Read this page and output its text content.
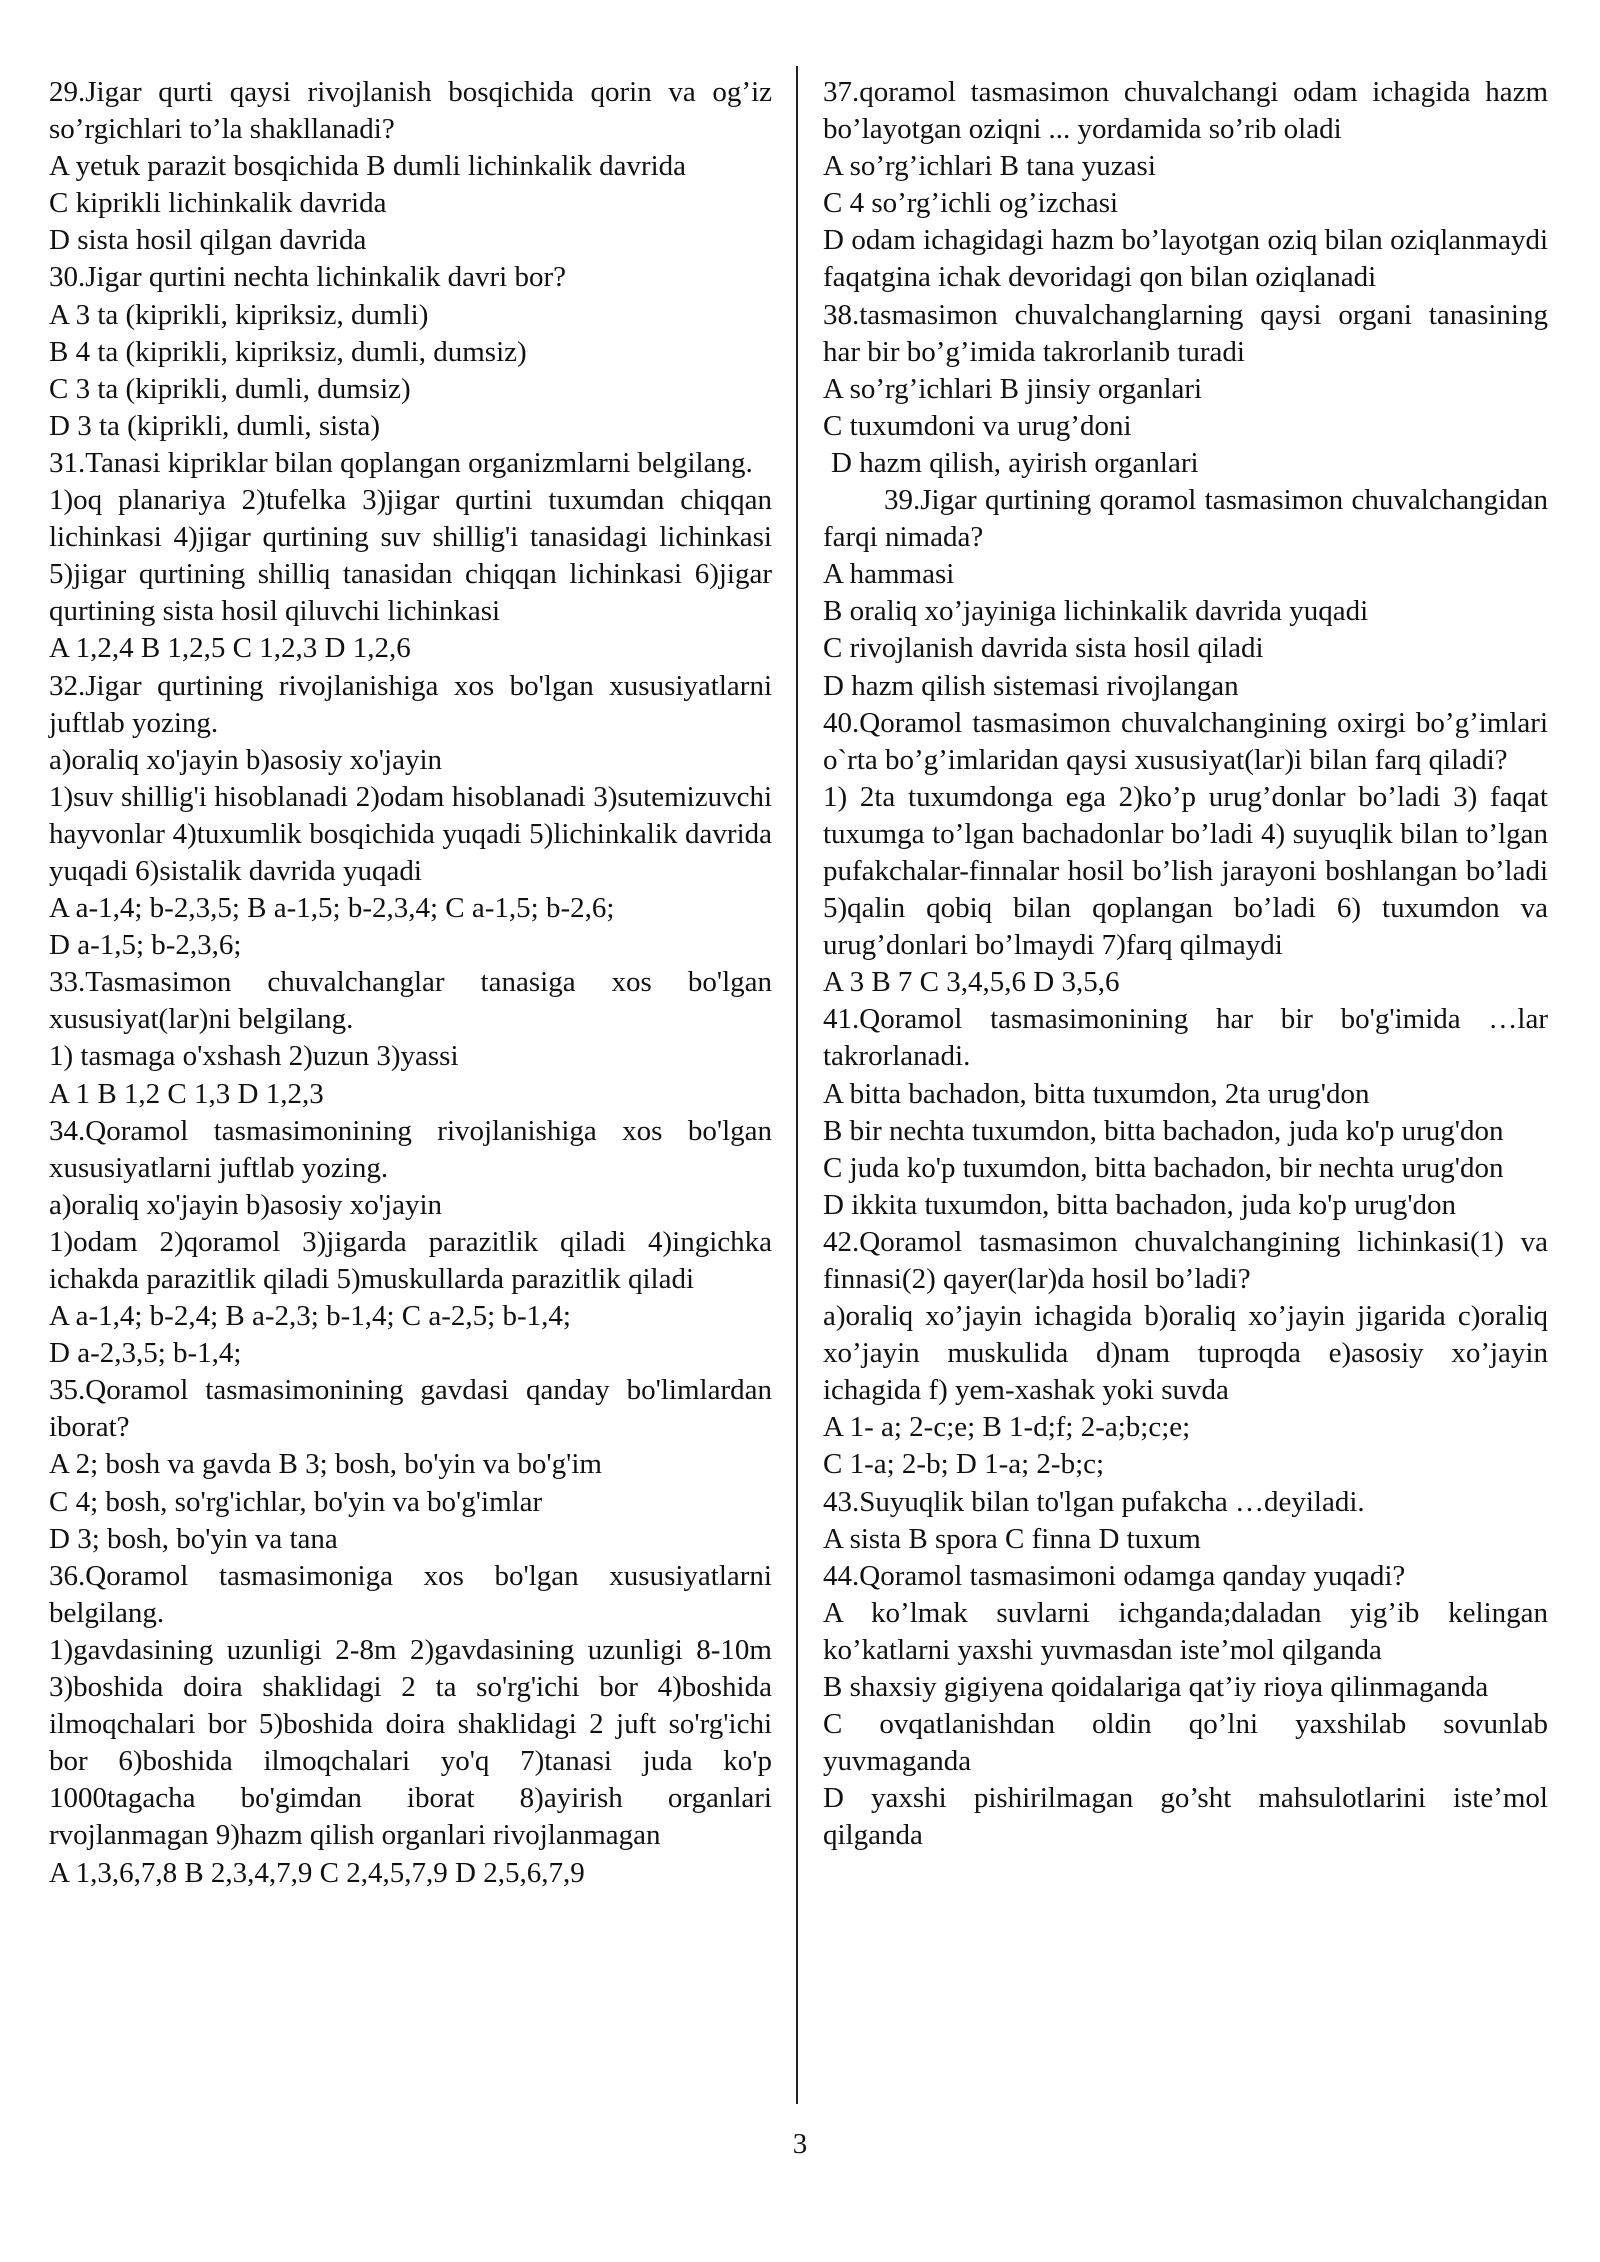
29.Jigar qurti qaysi rivojlanish bosqichida qorin va og’iz so’rgichlari to’la shakllanadi?

A yetuk parazit bosqichida B dumli lichinkalik davrida

C kiprikli lichinkalik davrida

D sista hosil qilgan davrida

30.Jigar qurtini nechta lichinkalik davri bor?

A 3 ta (kiprikli, kipriksiz, dumli)

B 4 ta (kiprikli, kipriksiz, dumli, dumsiz)

C 3 ta (kiprikli, dumli, dumsiz)

D 3 ta (kiprikli, dumli, sista)

31.Tanasi kipriklar bilan qoplangan organizmlarni belgilang.

1)oq planariya 2)tufelka 3)jigar qurtini tuxumdan chiqqan lichinkasi 4)jigar qurtining suv shillig'i tanasidagi lichinkasi 5)jigar qurtining shilliq tanasidan chiqqan lichinkasi 6)jigar qurtining sista hosil qiluvchi lichinkasi

A 1,2,4 B 1,2,5 C 1,2,3 D 1,2,6

32.Jigar qurtining rivojlanishiga xos bo'lgan xususiyatlarni juftlab yozing.

a)oraliq xo'jayin b)asosiy xo'jayin

1)suv shillig'i hisoblanadi 2)odam hisoblanadi 3)sutemizuvchi hayvonlar 4)tuxumlik bosqichida yuqadi 5)lichinkalik davrida yuqadi 6)sistalik davrida yuqadi

A a-1,4; b-2,3,5; B a-1,5; b-2,3,4; C a-1,5; b-2,6;

D a-1,5; b-2,3,6;

33.Tasmasimon chuvalchanglar tanasiga xos bo'lgan xususiyat(lar)ni belgilang.

1) tasmaga o'xshash 2)uzun 3)yassi

A 1 B 1,2 C 1,3 D 1,2,3

34.Qoramol tasmasimonining rivojlanishiga xos bo'lgan xususiyatlarni juftlab yozing.

a)oraliq xo'jayin b)asosiy xo'jayin

1)odam 2)qoramol 3)jigarda parazitlik qiladi 4)ingichka ichakda parazitlik qiladi 5)muskullarda parazitlik qiladi

A a-1,4; b-2,4; B a-2,3; b-1,4; C a-2,5; b-1,4;

D a-2,3,5; b-1,4;

35.Qoramol tasmasimonining gavdasi qanday bo'limlardan iborat?

A 2; bosh va gavda B 3; bosh, bo'yin va bo'g'im

C 4; bosh, so'rg'ichlar, bo'yin va bo'g'imlar

D 3; bosh, bo'yin va tana

36.Qoramol tasmasimoniga xos bo'lgan xususiyatlarni belgilang.

1)gavdasining uzunligi 2-8m 2)gavdasining uzunligi 8-10m 3)boshida doira shaklidagi 2 ta so'rg'ichi bor 4)boshida ilmoqchalari bor 5)boshida doira shaklidagi 2 juft so'rg'ichi bor 6)boshida ilmoqchalari yo'q 7)tanasi juda ko'p 1000tagacha bo'gimdan iborat 8)ayirish organlari rvojlanmagan 9)hazm qilish organlari rivojlanmagan

A 1,3,6,7,8 B 2,3,4,7,9 C 2,4,5,7,9 D 2,5,6,7,9

37.qoramol tasmasimon chuvalchangi odam ichagida hazm bo’layotgan oziqni ... yordamida so’rib oladi

A so’rg’ichlari B tana yuzasi

C 4 so’rg’ichli og’izchasi

D odam ichagidagi hazm bo’layotgan oziq bilan oziqlanmaydi faqatgina ichak devoridagi qon bilan oziqlanadi

38.tasmasimon chuvalchanglarning qaysi organi tanasining har bir bo’g’imida takrorlanib turadi

A so’rg’ichlari B jinsiy organlari

C tuxumdoni va urug’doni

D hazm qilish, ayirish organlari

39.Jigar qurtining qoramol tasmasimon chuvalchangidan farqi nimada?

A hammasi

B oraliq xo’jayiniga lichinkalik davrida yuqadi

C rivojlanish davrida sista hosil qiladi

D hazm qilish sistemasi rivojlangan

40.Qoramol tasmasimon chuvalchangining oxirgi bo’g’imlari o`rta bo’g’imlaridan qaysi xususiyat(lar)i bilan farq qiladi?

1) 2ta tuxumdonga ega 2)ko’p urug’donlar bo’ladi 3) faqat tuxumga to’lgan bachadonlar bo’ladi 4) suyuqlik bilan to’lgan pufakchalar-finnalar hosil bo’lish jarayoni boshlangan bo’ladi 5)qalin qobiq bilan qoplangan bo’ladi 6) tuxumdon va urug’donlari bo’lmaydi 7)farq qilmaydi

A 3 B 7 C 3,4,5,6 D 3,5,6

41.Qoramol tasmasimonining har bir bo'g'imida …lar takrorlanadi.

A bitta bachadon, bitta tuxumdon, 2ta urug'don

B bir nechta tuxumdon, bitta bachadon, juda ko'p urug'don

C juda ko'p tuxumdon, bitta bachadon, bir nechta urug'don

D ikkita tuxumdon, bitta bachadon, juda ko'p urug'don

42.Qoramol tasmasimon chuvalchangining lichinkasi(1) va finnasi(2) qayer(lar)da hosil bo’ladi?

a)oraliq xo’jayin ichagida b)oraliq xo’jayin jigarida c)oraliq xo’jayin muskulida d)nam tuproqda e)asosiy xo’jayin ichagida f) yem-xashak yoki suvda

A 1- a; 2-c;e; B 1-d;f; 2-a;b;c;e;

C 1-a; 2-b; D 1-a; 2-b;c;

43.Suyuqlik bilan to'lgan pufakcha …deyiladi.

A sista B spora C finna D tuxum

44.Qoramol tasmasimoni odamga qanday yuqadi?

A ko’lmak suvlarni ichganda;daladan yig’ib kelingan ko’katlarni yaxshi yuvmasdan iste’mol qilganda

B shaxsiy gigiyena qoidalariga qat’iy rioya qilinmaganda

C ovqatlanishdan oldin qo’lni yaxshilab sovunlab yuvmaganda

D yaxshi pishirilmagan go’sht mahsulotlarini iste’mol qilganda

3
